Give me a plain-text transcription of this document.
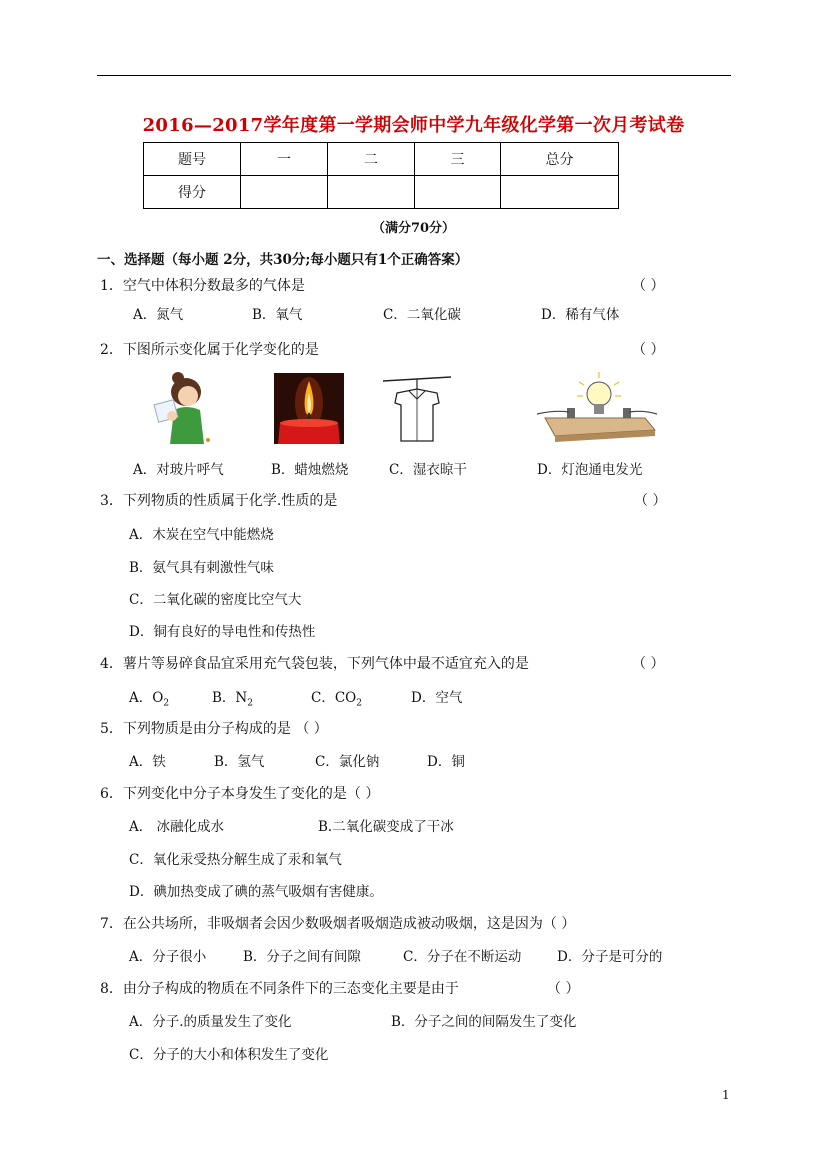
2016—2017学年度第一学期会师中学九年级化学第一次月考试卷
题号	一	二	三	总分
得分				
（满分70分）
一、选择题（每小题 2分，共30分;每小题只有1个正确答案）
1．空气中体积分数最多的气体是	（ ）
A．氮气	B．氧气	C．二氧化碳	D．稀有气体
2．下图所示变化属于化学变化的是	（ ）
A．对玻片呼气	B．蜡烛燃烧	C．湿衣晾干	D．灯泡通电发光
3．下列物质的性质属于化学.性质的是	（ ）
A．木炭在空气中能燃烧
B．氨气具有刺激性气味
C．二氧化碳的密度比空气大
D．铜有良好的导电性和传热性
4．薯片等易碎食品宜采用充气袋包装，下列气体中最不适宜充入的是	（ ）
A．$O_2$	B．$N_2$	C．$CO_2$	D．空气
5．下列物质是由分子构成的是 （ ）
A．铁	B．氢气	C．氯化钠	D．铜
6．下列变化中分子本身发生了变化的是（ ）
A． 冰融化成水	B.二氧化碳变成了干冰
C．氧化汞受热分解生成了汞和氧气
D．碘加热变成了碘的蒸气吸烟有害健康。
7．在公共场所，非吸烟者会因少数吸烟者吸烟造成被动吸烟，这是因为（ ）
A．分子很小	B．分子之间有间隙	C．分子在不断运动	D．分子是可分的
8．由分子构成的物质在不同条件下的三态变化主要是由于	（ ）
A．分子.的质量发生了变化	B．分子之间的间隔发生了变化
C．分子的大小和体积发生了变化
1
